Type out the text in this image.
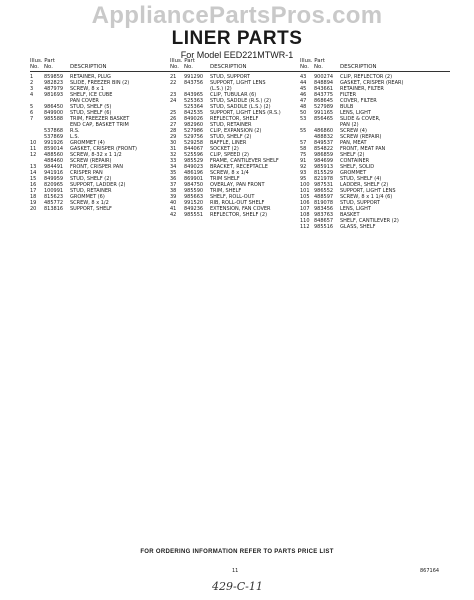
AppliancePartsPros.com
LINER PARTS
For Model EED221MTWR-1
Illus. Part
No. No.	DESCRIPTION
1	859859	RETAINER, PLUG
2	982823	SLIDE, FREEZER BIN (2)
3	487979	SCREW, 8 x 1
4	981693	SHELF, ICE CUBE
PAN COVER
5	986450	STUD, SHELF (5)
6	849900	STUD, SHELF (6)
7	985588	TRIM, FREEZER BASKET
END CAP, BASKET TRIM
537868	R.S.
537869	L.S.
10	991926	GROMMET (4)
11	859014	GASKET, CRISPER (FRONT)
12	488560	SCREW, 8-32 x 1 1/2
488460	SCREW (REPAIR)
13	984491	FRONT, CRISPER PAN
14	941916	CRISPER PAN
15	849959	STUD, SHELF (2)
16	820965	SUPPORT, LADDER (2)
17	100991	STUD, RETAINER
18	815623	GROMMET (6)
19	485772	SCREW, 8 x 1/2
20	813816	SUPPORT, SHELF
Illus. Part
No. No.	DESCRIPTION
21	991290	STUD, SUPPORT
22	843756	SUPPORT, LIGHT LENS
(L.S.) (2)
23	843965	CLIP, TUBULAR (6)
24	525363	STUD, SADDLE (R.S.) (2)
525364	STUD, SADDLE (L.S.) (2)
25	842535	SUPPORT, LIGHT LENS (R.S.)
26	849026	REFLECTOR, SHELF
27	982960	STUD, RETAINER
28	527986	CLIP, EXPANSION (2)
29	529756	STUD, SHELF (2)
30	529258	BAFFLE, LINER
31	844067	SOCKET (2)
32	525596	CLIP, SPEED (2)
33	985529	FRAME, CANTILEVER SHELF
34	849023	BRACKET, RECEPTACLE
35	486196	SCREW, 8 x 1/4
36	869901	TRIM SHELF
37	984750	OVERLAY, PAN FRONT
38	985590	TRIM, SHELF
39	985663	SHELF, ROLL-OUT
40	991520	RIB, ROLL-OUT SHELF
41	849236	EXTENSION, FAN COVER
42	985551	REFLECTOR, SHELF (2)
Illus. Part
No. No.	DESCRIPTION
43	900274	CLIP, REFLECTOR (2)
44	848894	GASKET, CRISPER (REAR)
45	843661	RETAINER, FILTER
46	843775	FILTER
47	868645	COVER, FILTER
48	527989	BULB
50	991165	LENS, LIGHT
53	856465	SLIDE & COVER,
PAN (2)
55	486860	SCREW (4)
488832	SCREW (REPAIR)
57	849537	PAN, MEAT
58	854822	FRONT, MEAT PAN
75	986859	SHELF (2)
91	984699	CONTAINER
92	985913	SHELF, SOLID
93	815529	GROMMET
95	821978	STUD, SHELF (4)
100 987531	LADDER, SHELF (2)
101 986552	SUPPORT, LIGHT LENS
105 488597	SCREW, 8 x 1 1/4 (6)
106 819078	STUD, SUPPORT
107 983456	LENS, LIGHT
108 983763	BASKET
110 848657	SHELF, CANTILEVER (2)
112 985516	GLASS, SHELF
FOR ORDERING INFORMATION REFER TO PARTS PRICE LIST
11	867164
429-C-11
